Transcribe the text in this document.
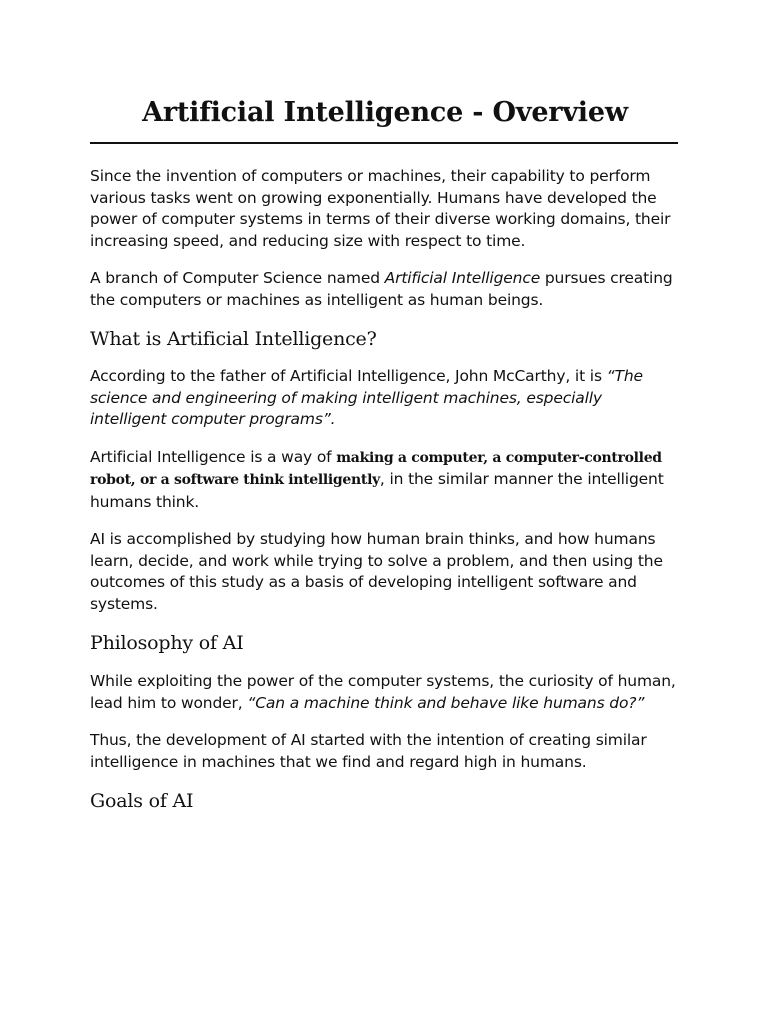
Artificial Intelligence - Overview

Since the invention of computers or machines, their capability to perform various tasks went on growing exponentially. Humans have developed the power of computer systems in terms of their diverse working domains, their increasing speed, and reducing size with respect to time.

A branch of Computer Science named Artificial Intelligence pursues creating the computers or machines as intelligent as human beings.

What is Artificial Intelligence?

According to the father of Artificial Intelligence, John McCarthy, it is “The science and engineering of making intelligent machines, especially intelligent computer programs”.

Artificial Intelligence is a way of making a computer, a computer-controlled robot, or a software think intelligently, in the similar manner the intelligent humans think.

AI is accomplished by studying how human brain thinks, and how humans learn, decide, and work while trying to solve a problem, and then using the outcomes of this study as a basis of developing intelligent software and systems.

Philosophy of AI

While exploiting the power of the computer systems, the curiosity of human, lead him to wonder, “Can a machine think and behave like humans do?”

Thus, the development of AI started with the intention of creating similar intelligence in machines that we find and regard high in humans.

Goals of AI
